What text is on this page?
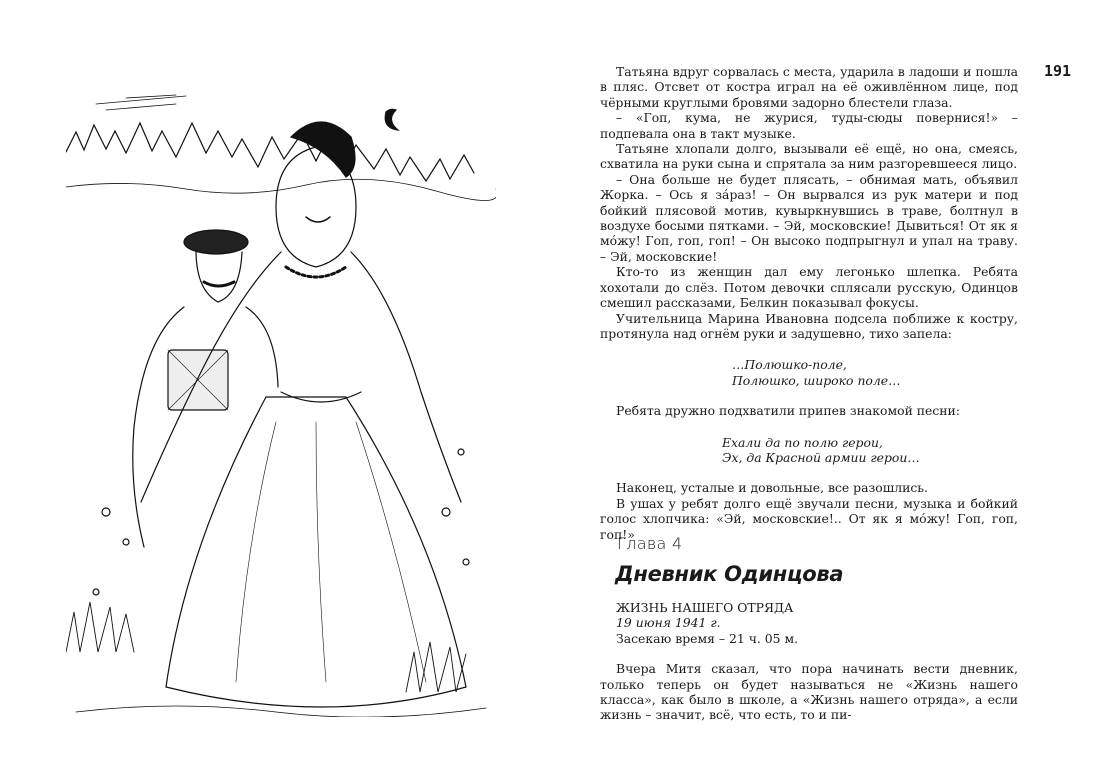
191

Татьяна вдруг сорвалась с места, ударила в ладоши и пошла в пляс. Отсвет от костра играл на её оживлённом лице, под чёрными круглыми бровями задорно блестели глаза.

– «Гоп, кума, не журися, туды-сюды повернися!» – подпевала она в такт музыке.

Татьяне хлопали долго, вызывали её ещё, но она, смеясь, схватила на руки сына и спрятала за ним разгоревшееся лицо.

– Она больше не будет плясать, – обнимая мать, объявил Жорка. – Ось я зáраз! – Он вырвался из рук матери и под бойкий плясовой мотив, кувыркнувшись в траве, болтнул в воздухе босыми пятками. – Эй, московские! Дывиться! От як я мóжу! Гоп, гоп, гоп! – Он высоко подпрыгнул и упал на траву. – Эй, московские!

Кто-то из женщин дал ему легонько шлепка. Ребята хохотали до слёз. Потом девочки сплясали русскую, Одинцов смешил рассказами, Белкин показывал фокусы.

Учительница Марина Ивановна подсела поближе к костру, протянула над огнём руки и задушевно, тихо запела:

…Полюшко-поле,
Полюшко, широко поле…

Ребята дружно подхватили припев знакомой песни:

Ехали да по полю герои,
Эх, да Красной армии герои…

Наконец, усталые и довольные, все разошлись.

В ушах у ребят долго ещё звучали песни, музыка и бойкий голос хлопчика: «Эй, московские!.. От як я мóжу! Гоп, гоп, гоп!»

Глава 4
Дневник Одинцова

ЖИЗНЬ НАШЕГО ОТРЯДА

19 июня 1941 г.

Засекаю время – 21 ч. 05 м.

Вчера Митя сказал, что пора начинать вести дневник, только теперь он будет называться не «Жизнь нашего класса», как было в школе, а «Жизнь нашего отряда», а если жизнь – значит, всё, что есть, то и пи-
